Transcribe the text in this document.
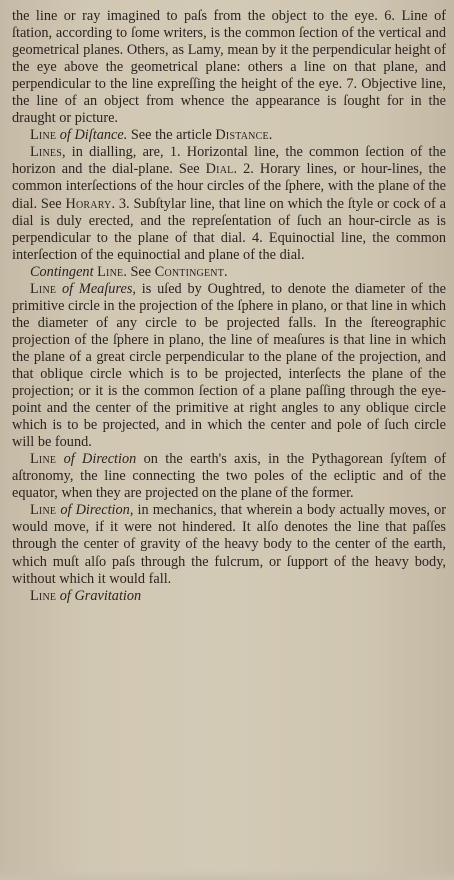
the line or ray imagined to paſs from the object to the eye. 6. Line of ſtation, according to ſome writers, is the common ſection of the vertical and geometrical planes. Others, as Lamy, mean by it the perpendicular height of the eye above the geometrical plane: others a line on that plane, and perpendicular to the line expreſſing the height of the eye. 7. Objective line, the line of an object from whence the appearance is ſought for in the draught or picture.

Line of Diſtance. See the article Distance.

Lines, in dialling, are, 1. Horizontal line, the common ſection of the horizon and the dial-plane. See Dial. 2. Horary lines, or hour-lines, the common interſections of the hour circles of the ſphere, with the plane of the dial. See Horary. 3. Subſtylar line, that line on which the ſtyle or cock of a dial is duly erected, and the repreſentation of ſuch an hour-circle as is perpendicular to the plane of that dial. 4. Equinoctial line, the common interſection of the equinoctial and plane of the dial.

Contingent Line. See Contingent.

Line of Meaſures, is uſed by Oughtred, to denote the diameter of the primitive circle in the projection of the ſphere in plano, or that line in which the diameter of any circle to be projected falls. In the ſtereographic projection of the ſphere in plano, the line of meaſures is that line in which the plane of a great circle perpendicular to the plane of the projection, and that oblique circle which is to be projected, interſects the plane of the projection; or it is the common ſection of a plane paſſing through the eye-point and the center of the primitive at right angles to any oblique circle which is to be projected, and in which the center and pole of ſuch circle will be found.

Line of Direction on the earth's axis, in the Pythagorean ſyſtem of aſtronomy, the line connecting the two poles of the ecliptic and of the equator, when they are projected on the plane of the former.

Line of Direction, in mechanics, that wherein a body actually moves, or would move, if it were not hindered. It alſo denotes the line that paſſes through the center of gravity of the heavy body to the center of the earth, which muſt alſo paſs through the fulcrum, or ſupport of the heavy body, without which it would fall.

Line of Gravitation
